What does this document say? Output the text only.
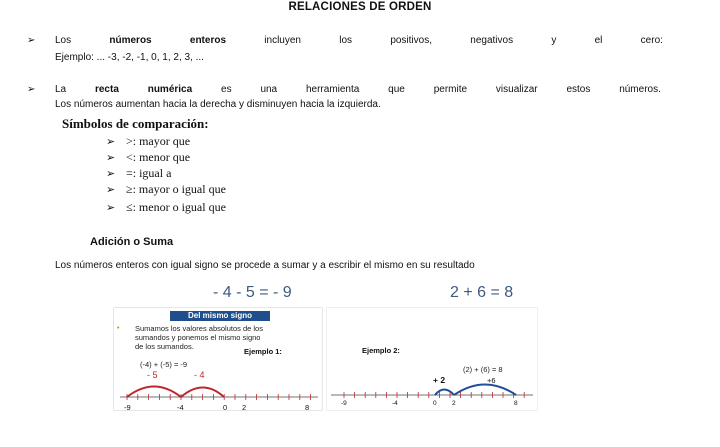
RELACIONES DE ORDEN
➢ Los	números	enteros	incluyen	los	positivos,	negativos	y	el	cero:
Ejemplo: ... -3, -2, -1, 0, 1, 2, 3, ...
➢ La	recta	numérica	es	una	herramienta	que	permite	visualizar	estos	números.
Los números aumentan hacia la derecha y disminuyen hacia la izquierda.
Símbolos de comparación:
➢ >: mayor que
➢ <: menor que
➢ =: igual a
➢ ≥: mayor o igual que
➢ ≤: menor o igual que
Adición o Suma
Los números enteros con igual signo se procede a sumar y a escribir el mismo en su resultado
- 4 - 5 = - 9	2 + 6 = 8
Del mismo signo
• Sumamos los valores absolutos de los
sumandos y ponemos el mismo signo
de los sumandos.
Ejemplo 1:
(-4) + (-5) = -9
- 5	- 4
-9	-4	0 2	8
Ejemplo 2:
(2) + (6) = 8
+ 2	+6
-9	-4	0 2	8
